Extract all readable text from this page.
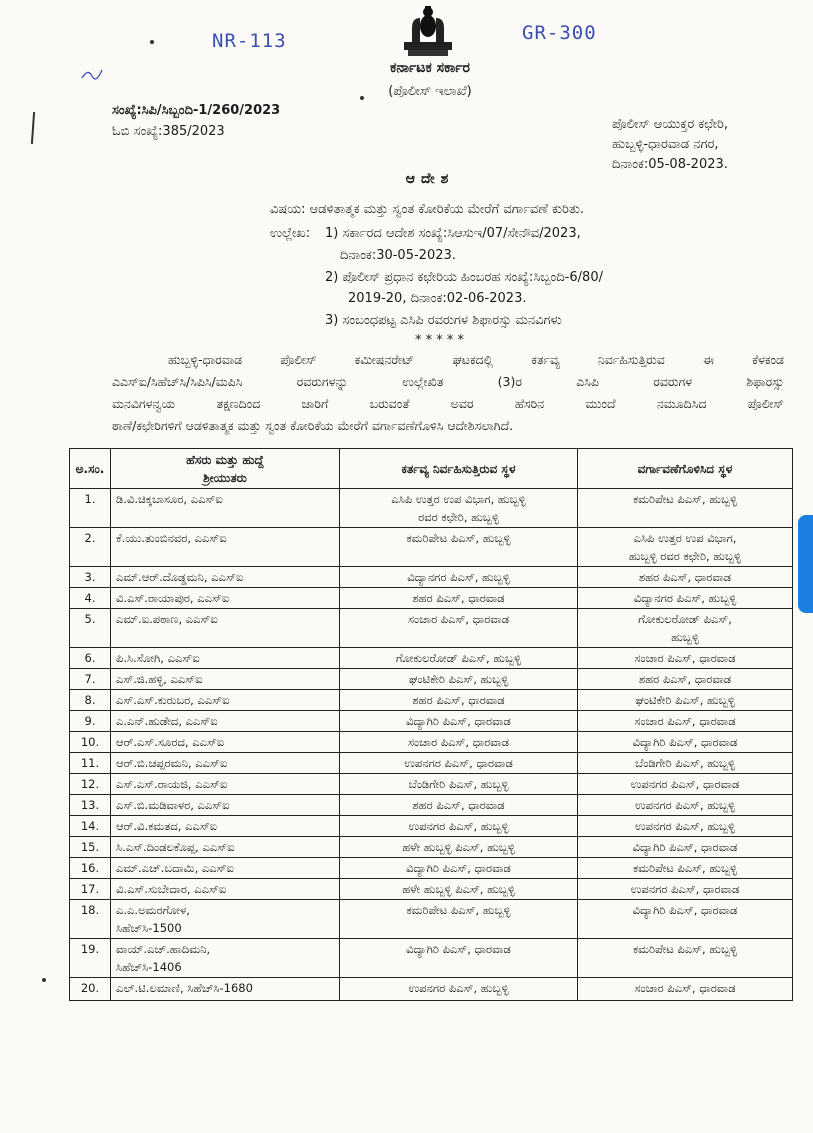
NR-113	GR-300
ಕರ್ನಾಟಕ ಸರ್ಕಾರ
(ಪೊಲೀಸ್ ಇಲಾಖೆ)
ಸಂಖ್ಯೆ:ಸಿಪಿ/ಸಿಬ್ಬಂದಿ-1/260/2023
ಓಬಿ ಸಂಖ್ಯೆ:385/2023	ಪೊಲೀಸ್ ಆಯುಕ್ತರ ಕಛೇರಿ,
ಹುಬ್ಬಳ್ಳಿ-ಧಾರವಾಡ ನಗರ,
ದಿನಾಂಕ:05-08-2023.
ಆದೇಶ
ವಿಷಯ: ಆಡಳಿತಾತ್ಮಕ ಮತ್ತು ಸ್ವಂತ ಕೋರಿಕೆಯ ಮೇರೆಗೆ ವರ್ಗಾವಣೆ ಕುರಿತು.
ಉಲ್ಲೇಖ: 1) ಸರ್ಕಾರದ ಆದೇಶ ಸಂಖ್ಯೆ:ಸಿಆಸುಇ/07/ಸೇನೌವ/2023,
ದಿನಾಂಕ:30-05-2023.
2) ಪೊಲೀಸ್ ಪ್ರಧಾನ ಕಛೇರಿಯ ಹಿಂಬರಹ ಸಂಖ್ಯೆ:ಸಿಬ್ಬಂದಿ-6/80/
2019-20, ದಿನಾಂಕ:02-06-2023.
3) ಸಂಬಂಧಪಟ್ಟ ಎಸಿಪಿ ರವರುಗಳ ಶಿಫಾರಸ್ಸು ಮನವಿಗಳು
* * * * *
ಹುಬ್ಬಳ್ಳಿ-ಧಾರವಾಡ ಪೊಲೀಸ್ ಕಮೀಷನರೇಟ್ ಘಟಕದಲ್ಲಿ ಕರ್ತವ್ಯ ನಿರ್ವಹಿಸುತ್ತಿರುವ ಈ ಕೆಳಕಂಡ
ಎಎಸ್ಐ/ಸಿಹೆಚ್‌ಸಿ/ಸಿಪಿಸಿ/ಮಪಿಸಿ ರವರುಗಳನ್ನು ಉಲ್ಲೇಖಿತ (3)ರ ಎಸಿಪಿ ರವರುಗಳ ಶಿಫಾರಸ್ಸು
ಮನವಿಗಳನ್ವಯ ತಕ್ಷಣದಿಂದ ಜಾರಿಗೆ ಬರುವಂತೆ ಅವರ ಹೆಸರಿನ ಮುಂದೆ ನಮೂದಿಸಿದ ಪೊಲೀಸ್
ಠಾಣೆ/ಕಛೇರಿಗಳಿಗೆ ಆಡಳಿತಾತ್ಮಕ ಮತ್ತು ಸ್ವಂತ ಕೋರಿಕೆಯ ಮೇರೆಗೆ ವರ್ಗಾವಣೆಗೊಳಿಸಿ ಆದೇಶಿಸಲಾಗಿದೆ.
ಅ.ಸಂ.	ಹೆಸರು ಮತ್ತು ಹುದ್ದೆ
ಶ್ರೀಯುತರು	ಕರ್ತವ್ಯ ನಿರ್ವಹಿಸುತ್ತಿರುವ ಸ್ಥಳ	ವರ್ಗಾವಣೆಗೊಳಿಸಿದ ಸ್ಥಳ

1.	ಡಿ.ವಿ.ಚಿಕ್ಕಬಾಸೂರ, ಎಎಸ್ಐ	ಎಸಿಪಿ ಉತ್ತರ ಉಪ ವಿಭಾಗ, ಹುಬ್ಬಳ್ಳಿ
ರವರ ಕಛೇರಿ, ಹುಬ್ಬಳ್ಳಿ	ಕಮರಿಪೇಟ ಪಿಎಸ್, ಹುಬ್ಬಳ್ಳಿ

2.	ಕೆ.ಯು.ತುಂಬಿನವರ, ಎಎಸ್ಐ	ಕಮರಿಪೇಟ ಪಿಎಸ್, ಹುಬ್ಬಳ್ಳಿ	ಎಸಿಪಿ ಉತ್ತರ ಉಪ ವಿಭಾಗ,
ಹುಬ್ಬಳ್ಳಿ ರವರ ಕಛೇರಿ, ಹುಬ್ಬಳ್ಳಿ

3.	ಎಮ್.ಆರ್.ದೊಡ್ಡಮನಿ, ಎಎಸ್ಐ	ವಿದ್ಯಾನಗರ ಪಿಎಸ್, ಹುಬ್ಬಳ್ಳಿ	ಶಹರ ಪಿಎಸ್, ಧಾರವಾಡ

4.	ವಿ.ಎಸ್.ರಾಯಾಪುರ, ಎಎಸ್ಐ	ಶಹರ ಪಿಎಸ್, ಧಾರವಾಡ	ವಿದ್ಯಾನಗರ ಪಿಎಸ್, ಹುಬ್ಬಳ್ಳಿ

5.	ಎಮ್.ಐ.ಪಠಾಣ, ಎಎಸ್ಐ	ಸಂಚಾರ ಪಿಎಸ್, ಧಾರವಾಡ	ಗೋಕುಲರೋಡ್ ಪಿಎಸ್,
ಹುಬ್ಬಳ್ಳಿ

6.	ಪಿ.ಸಿ.ಸೋಗಿ, ಎಎಸ್ಐ	ಗೋಕುಲರೋಡ್ ಪಿಎಸ್, ಹುಬ್ಬಳ್ಳಿ	ಸಂಚಾರ ಪಿಎಸ್, ಧಾರವಾಡ

7.	ಎಸ್.ಜಿ.ಹಳ್ಳಿ, ಎಎಸ್ಐ	ಘಂಟಿಕೇರಿ ಪಿಎಸ್, ಹುಬ್ಬಳ್ಳಿ	ಶಹರ ಪಿಎಸ್, ಧಾರವಾಡ

8.	ಎಸ್.ಎಸ್.ಕುರುಬರ, ಎಎಸ್ಐ	ಶಹರ ಪಿಎಸ್, ಧಾರವಾಡ	ಘಂಟಿಕೇರಿ ಪಿಎಸ್, ಹುಬ್ಬಳ್ಳಿ

9.	ಎ.ಎನ್.ಹುಡೇದ, ಎಎಸ್ಐ	ವಿದ್ಯಾಗಿರಿ ಪಿಎಸ್, ಧಾರವಾಡ	ಸಂಚಾರ ಪಿಎಸ್, ಧಾರವಾಡ

10.	ಆರ್.ಎಸ್.ಸೂರದ, ಎಎಸ್ಐ	ಸಂಚಾರ ಪಿಎಸ್, ಧಾರವಾಡ	ವಿದ್ಯಾಗಿರಿ ಪಿಎಸ್, ಧಾರವಾಡ

11.	ಆರ್.ಬಿ.ಚಪ್ಪರಮನಿ, ಎಎಸ್ಐ	ಉಪನಗರ ಪಿಎಸ್, ಧಾರವಾಡ	ಬೆಂಡಿಗೇರಿ ಪಿಎಸ್, ಹುಬ್ಬಳ್ಳಿ

12.	ಎಸ್.ಎಸ್.ರಾಯಜಿ, ಎಎಸ್ಐ	ಬೆಂಡಿಗೇರಿ ಪಿಎಸ್, ಹುಬ್ಬಳ್ಳಿ	ಉಪನಗರ ಪಿಎಸ್, ಧಾರವಾಡ

13.	ಎಸ್.ಬಿ.ಮಡಿವಾಳರ, ಎಎಸ್ಐ	ಶಹರ ಪಿಎಸ್, ಧಾರವಾಡ	ಉಪನಗರ ಪಿಎಸ್, ಹುಬ್ಬಳ್ಳಿ

14.	ಆರ್.ವಿ.ಕಮತದ, ಎಎಸ್ಐ	ಉಪನಗರ ಪಿಎಸ್, ಹುಬ್ಬಳ್ಳಿ	ಉಪನಗರ ಪಿಎಸ್, ಹುಬ್ಬಳ್ಳಿ

15.	ಸಿ.ಎಸ್.ದಿಂಡಲಕೊಪ್ಪ, ಎಎಸ್ಐ	ಹಳೇ ಹುಬ್ಬಳ್ಳಿ ಪಿಎಸ್, ಹುಬ್ಬಳ್ಳಿ	ವಿದ್ಯಾಗಿರಿ ಪಿಎಸ್, ಧಾರವಾಡ

16.	ಎಮ್.ಎಚ್.ಬದಾಮಿ, ಎಎಸ್ಐ	ವಿದ್ಯಾಗಿರಿ ಪಿಎಸ್, ಧಾರವಾಡ	ಕಮರಿಪೇಟ ಪಿಎಸ್, ಹುಬ್ಬಳ್ಳಿ

17.	ವಿ.ಎಸ್.ಸುಬೇದಾರ, ಎಎಸ್ಐ	ಹಳೇ ಹುಬ್ಬಳ್ಳಿ ಪಿಎಸ್, ಹುಬ್ಬಳ್ಳಿ	ಉಪನಗರ ಪಿಎಸ್, ಧಾರವಾಡ

18.	ಎ.ಎ.ಅಮರಗೋಳ,
ಸಿಹೆಚ್‌ಸಿ-1500	ಕಮರಿಪೇಟ ಪಿಎಸ್, ಹುಬ್ಬಳ್ಳಿ	ವಿದ್ಯಾಗಿರಿ ಪಿಎಸ್, ಧಾರವಾಡ

19.	ವಾಯ್.ಎಚ್.ಹಾದಿಮನಿ,
ಸಿಹೆಚ್‌ಸಿ-1406	ವಿದ್ಯಾಗಿರಿ ಪಿಎಸ್, ಧಾರವಾಡ	ಕಮರಿಪೇಟ ಪಿಎಸ್, ಹುಬ್ಬಳ್ಳಿ

20.	ಎಲ್.ಟಿ.ಲಮಾಣಿ, ಸಿಹೆಚ್‌ಸಿ-1680	ಉಪನಗರ ಪಿಎಸ್, ಹುಬ್ಬಳ್ಳಿ	ಸಂಚಾರ ಪಿಎಸ್, ಧಾರವಾಡ
